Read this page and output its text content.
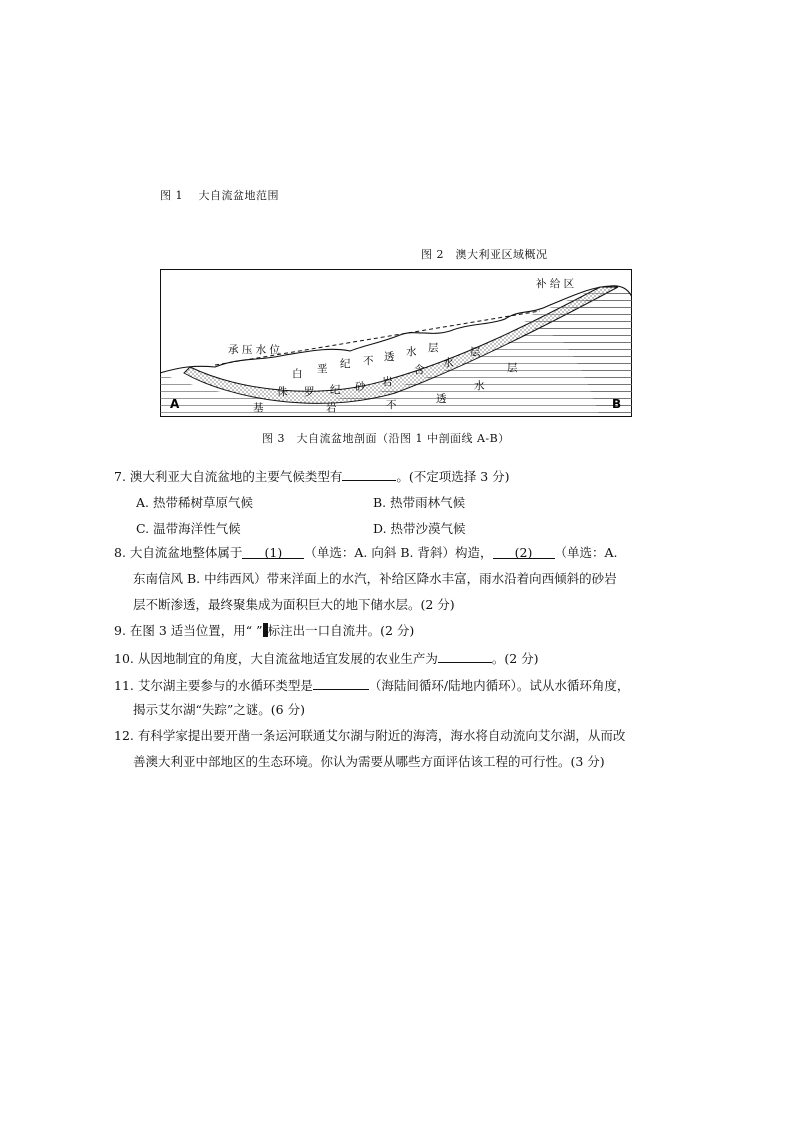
图 1　 大自流盆地范围
图 2　澳大利亚区域概况
A	B
补 给 区
承 压 水 位
白 垩 纪 不 透 水 层
含
水
层
侏 罗 纪 砂 岩
基	岩	不	透
水
层
图 3　大自流盆地剖面（沿图 1 中剖面线 A-B）
7. 澳大利亚大自流盆地的主要气候类型有	。(不定项选择 3 分)
A. 热带稀树草原气候	B. 热带雨林气候
C. 温带海洋性气候	D. 热带沙漠气候
8. 大自流盆地整体属于 (1) （单选：A. 向斜 B. 背斜）构造， (2) （单选：A.
东南信风 B. 中纬西风）带来洋面上的水汽，补给区降水丰富，雨水沿着向西倾斜的砂岩
层不断渗透，最终聚集成为面积巨大的地下储水层。(2 分)
9. 在图 3 适当位置，用“ ” 标注出一口自流井。(2 分)
10. 从因地制宜的角度，大自流盆地适宜发展的农业生产为	。(2 分)
11. 艾尔湖主要参与的水循环类型是	（海陆间循环/陆地内循环）。试从水循环角度，
揭示艾尔湖“失踪”之谜。(6 分)
12. 有科学家提出要开凿一条运河联通艾尔湖与附近的海湾，海水将自动流向艾尔湖，从而改
善澳大利亚中部地区的生态环境。你认为需要从哪些方面评估该工程的可行性。(3 分)
